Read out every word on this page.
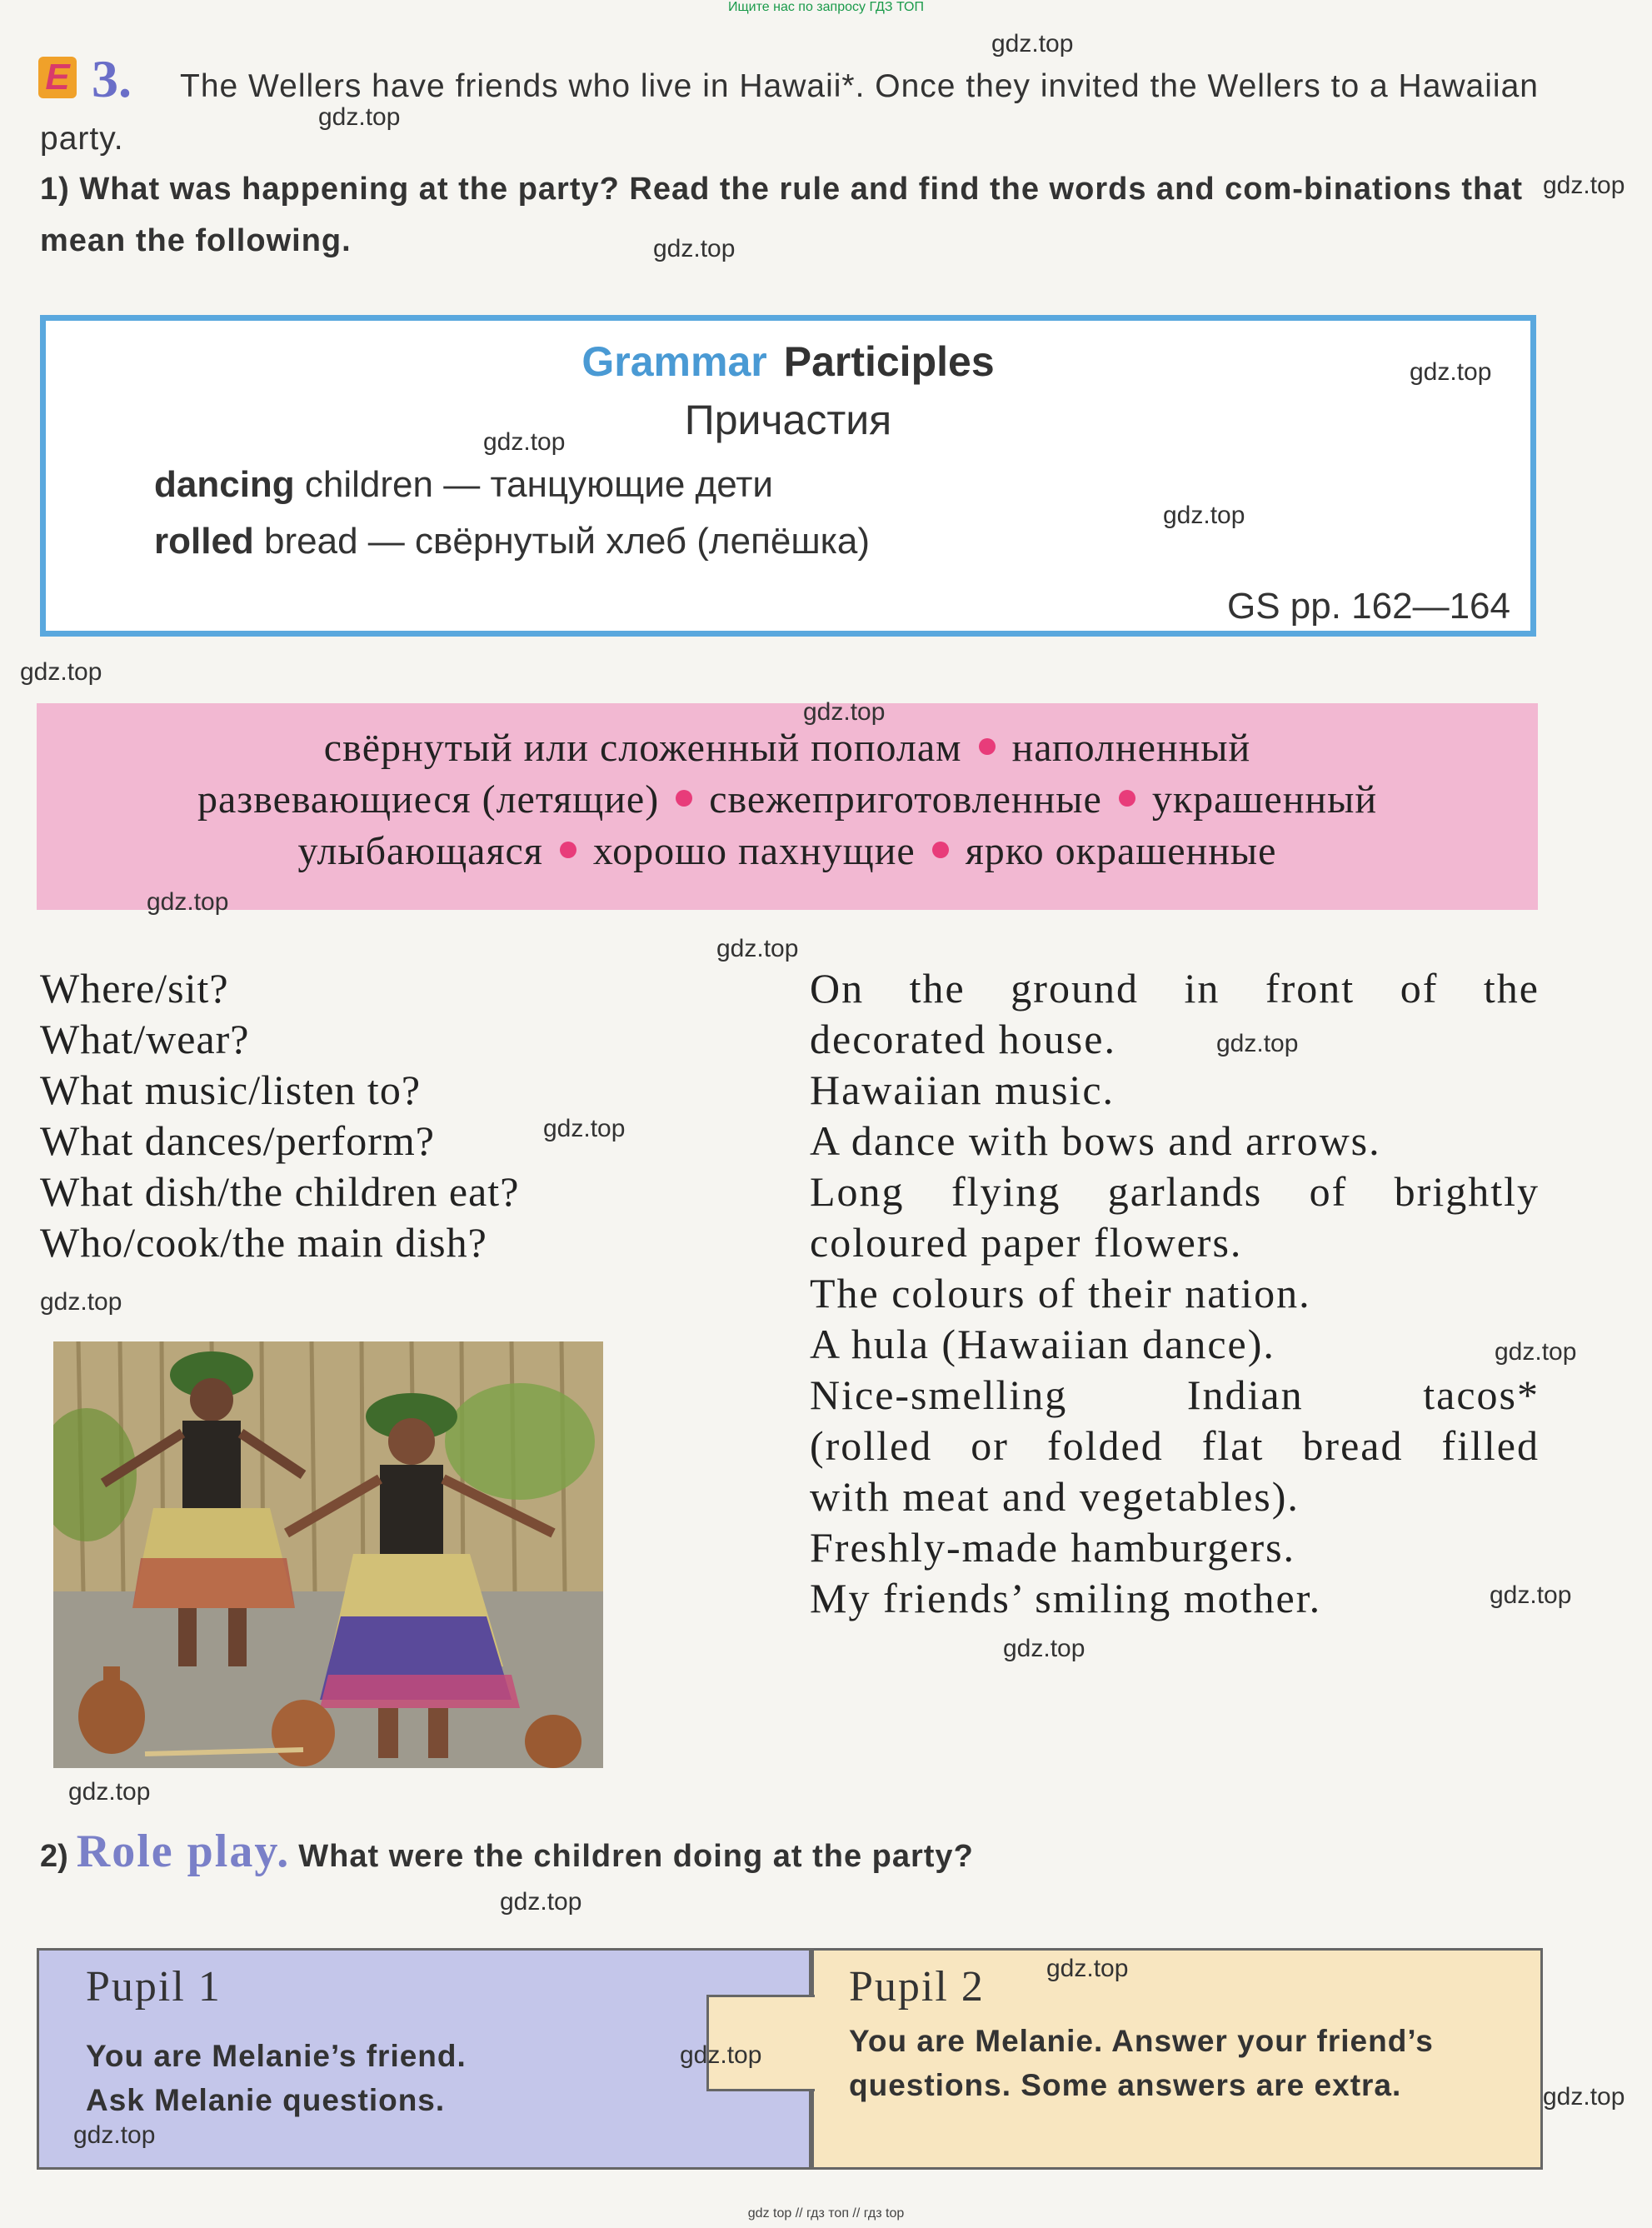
Ищите нас по запросу ГДЗ ТОП
E 3.	The Wellers have friends who live in Hawaii*. Once they invited the Wellers to a Hawaiian party.
1) What was happening at the party? Read the rule and find the words and com-binations that mean the following.
Grammar Participles
Причастия
dancing children — танцующие дети
rolled bread — свёрнутый хлеб (лепёшка)
GS pp. 162—164
свёрнутый или сложенный пополам наполненный
развевающиеся (летящие) свежеприготовленные украшенный
улыбающаяся хорошо пахнущие ярко окрашенные
Where/sit?
What/wear?
What music/listen to?
What dances/perform?
What dish/the children eat?
Who/cook/the main dish?
On the ground in front of the
decorated house.
Hawaiian music.
A dance with bows and arrows.
Long flying garlands of brightly
coloured paper flowers.
The colours of their nation.
A hula (Hawaiian dance).
Nice-smelling Indian tacos*
(rolled or folded flat bread filled
with meat and vegetables).
Freshly-made hamburgers.
My friends’ smiling mother.
2) Role play. What were the children doing at the party?
Pupil 1
You are Melanie’s friend.
Ask Melanie questions.
Pupil 2
You are Melanie. Answer your friend’s
questions. Some answers are extra.
gdz.top
gdz.top
gdz.top
gdz.top
gdz.top
gdz.top
gdz.top
gdz.top
gdz.top
gdz.top
gdz.top
gdz.top
gdz.top
gdz.top
gdz.top
gdz.top
gdz.top
gdz.top
gdz.top
gdz.top
gdz.top
gdz.top
gdz.top
gdz top // гдз топ // гдз top
